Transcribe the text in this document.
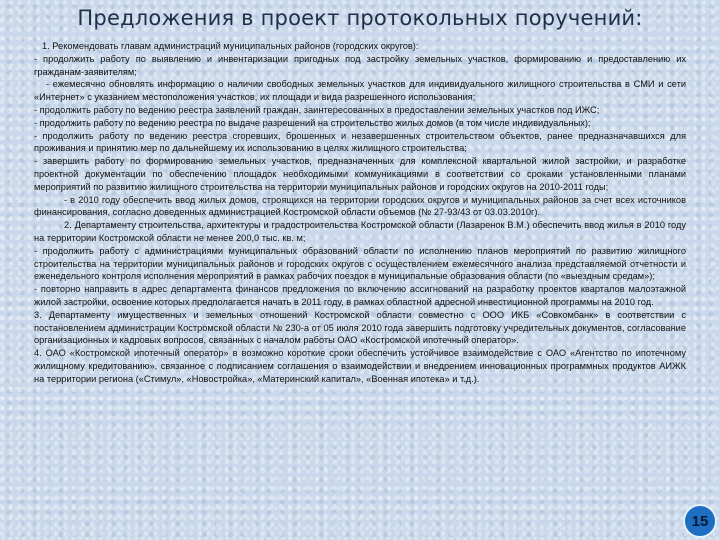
Предложения в проект протокольных поручений:

1. Рекомендовать главам администраций муниципальных районов (городских округов):

- продолжить работу по выявлению и инвентаризации пригодных под застройку земельных участков, формированию и предоставлению их гражданам-заявителям;

- ежемесячно обновлять информацию о наличии свободных земельных участков для индивидуального жилищного строительства в СМИ и сети «Интернет» с указанием местоположения участков, их площади и вида разрешенного использования;

- продолжить работу по ведению реестра заявлений граждан, заинтересованных в предоставлении земельных участков под ИЖС;

- продолжить работу по ведению реестра по выдаче разрешений на строительство жилых домов (в том числе индивидуальных);

- продолжить работу по ведению реестра сгоревших, брошенных и незавершенных строительством объектов, ранее предназначавшихся для проживания и принятию мер по дальнейшему их использованию в целях жилищного строительства;

- завершить работу по формированию земельных участков, предназначенных для комплексной квартальной жилой застройки, и разработке проектной документации по обеспечению площадок необходимыми коммуникациями в соответствии со сроками установленными планами мероприятий по развитию жилищного строительства на территории муниципальных районов и городских округов на 2010-2011 годы;

- в 2010 году обеспечить ввод жилых домов, строящихся на территории городских округов и муниципальных районов за счет всех источников финансирования, согласно доведенных администрацией Костромской области объемов (№ 27-93/43 от 03.03.2010г).

2. Департаменту строительства, архитектуры и градостроительства Костромской области (Лазаренок В.М.) обеспечить ввод жилья в 2010 году на территории Костромской области не менее 200,0 тыс. кв. м;

- продолжить работу с администрациями муниципальных образований области по исполнению планов мероприятий по развитию жилищного строительства на территории муниципальных районов и городских округов с осуществлением ежемесячного анализа представляемой отчетности и еженедельного контроля исполнения мероприятий в рамках рабочих поездок в муниципальные образования области (по «выездным средам»);

- повторно направить в адрес департамента финансов предложения по включению ассигнований на разработку проектов кварталов малоэтажной жилой застройки, освоение которых предполагается начать в 2011 году, в рамках областной адресной инвестиционной программы на 2010 год.

3. Департаменту имущественных и земельных отношений Костромской области совместно с ООО ИКБ «Совкомбанк» в соответствии с постановлением администрации Костромской области № 230-а от 05 июля 2010 года завершить подготовку учредительных документов, согласование организационных и кадровых вопросов, связанных с началом работы ОАО «Костромской ипотечный оператор».

4. ОАО «Костромской ипотечный оператор» в возможно короткие сроки обеспечить устойчивое взаимодействие с ОАО «Агентство по ипотечному жилищному кредитованию», связанное с подписанием соглашения о взаимодействии и внедрением инновационных программных продуктов АИЖК на территории региона («Стимул», «Новостройка», «Материнский капитал», «Военная ипотека» и т.д.).

15
